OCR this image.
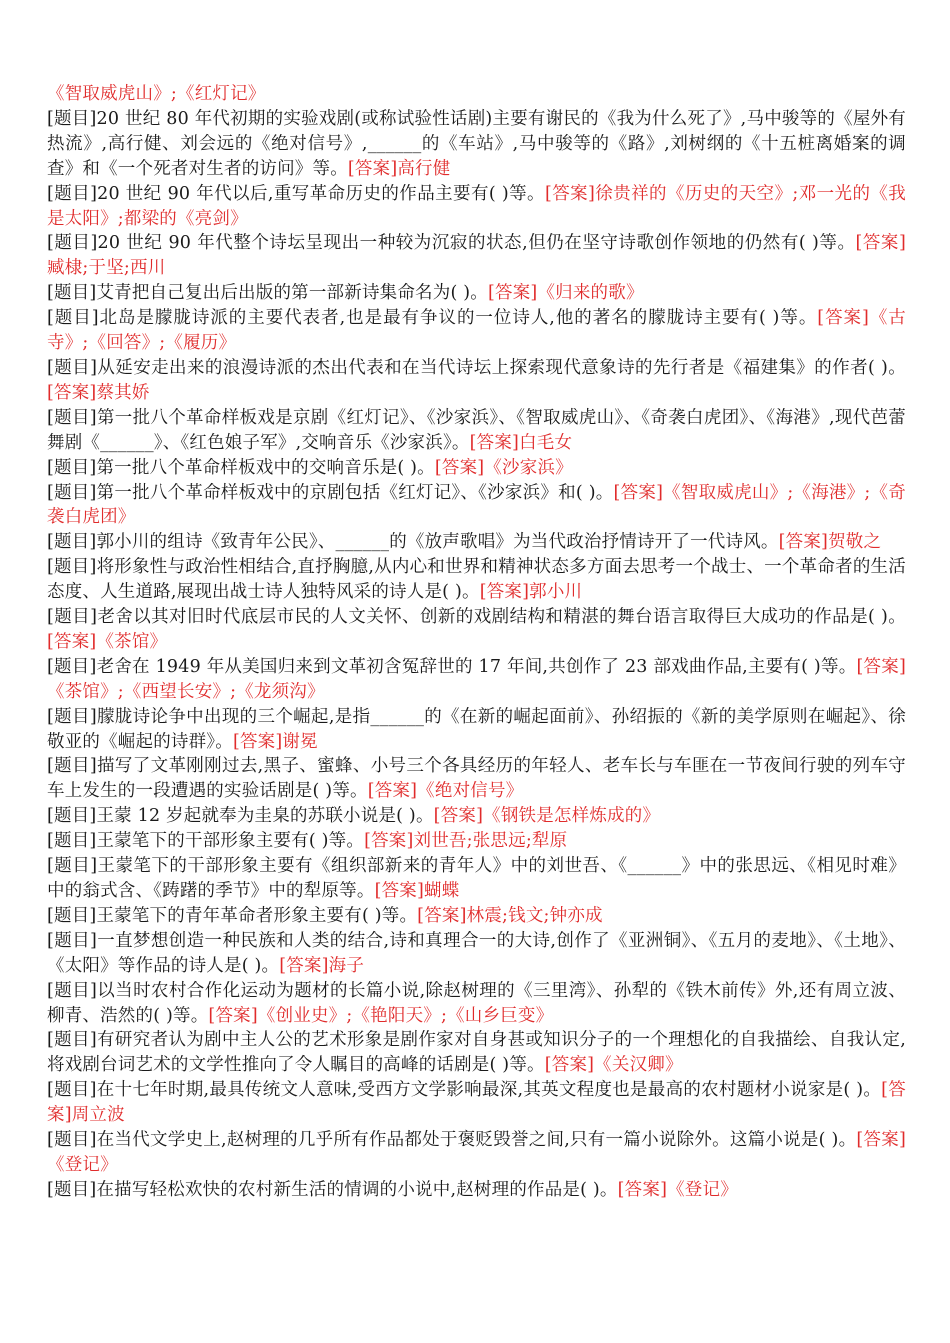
《智取威虎山》;《红灯记》

[题目]20 世纪 80 年代初期的实验戏剧(或称试验性话剧)主要有谢民的《我为什么死了》,马中骏等的《屋外有热流》,高行健、刘会远的《绝对信号》,______的《车站》,马中骏等的《路》,刘树纲的《十五桩离婚案的调查》和《一个死者对生者的访问》等。[答案]高行健

[题目]20 世纪 90 年代以后,重写革命历史的作品主要有( )等。[答案]徐贵祥的《历史的天空》;邓一光的《我是太阳》;都梁的《亮剑》

[题目]20 世纪 90 年代整个诗坛呈现出一种较为沉寂的状态,但仍在坚守诗歌创作领地的仍然有( )等。[答案]臧棣;于坚;西川

[题目]艾青把自己复出后出版的第一部新诗集命名为( )。[答案]《归来的歌》

[题目]北岛是朦胧诗派的主要代表者,也是最有争议的一位诗人,他的著名的朦胧诗主要有( )等。[答案]《古寺》;《回答》;《履历》

[题目]从延安走出来的浪漫诗派的杰出代表和在当代诗坛上探索现代意象诗的先行者是《福建集》的作者( )。[答案]蔡其娇

[题目]第一批八个革命样板戏是京剧《红灯记》、《沙家浜》、《智取威虎山》、《奇袭白虎团》、《海港》,现代芭蕾舞剧《______》、《红色娘子军》,交响音乐《沙家浜》。[答案]白毛女

[题目]第一批八个革命样板戏中的交响音乐是( )。[答案]《沙家浜》

[题目]第一批八个革命样板戏中的京剧包括《红灯记》、《沙家浜》和( )。[答案]《智取威虎山》;《海港》;《奇袭白虎团》

[题目]郭小川的组诗《致青年公民》、______的《放声歌唱》为当代政治抒情诗开了一代诗风。[答案]贺敬之

[题目]将形象性与政治性相结合,直抒胸臆,从内心和世界和精神状态多方面去思考一个战士、一个革命者的生活态度、人生道路,展现出战士诗人独特风采的诗人是( )。[答案]郭小川

[题目]老舍以其对旧时代底层市民的人文关怀、创新的戏剧结构和精湛的舞台语言取得巨大成功的作品是( )。[答案]《茶馆》

[题目]老舍在 1949 年从美国归来到文革初含冤辞世的 17 年间,共创作了 23 部戏曲作品,主要有( )等。[答案]《茶馆》;《西望长安》;《龙须沟》

[题目]朦胧诗论争中出现的三个崛起,是指______的《在新的崛起面前》、孙绍振的《新的美学原则在崛起》、徐敬亚的《崛起的诗群》。[答案]谢冕

[题目]描写了文革刚刚过去,黑子、蜜蜂、小号三个各具经历的年轻人、老车长与车匪在一节夜间行驶的列车守车上发生的一段遭遇的实验话剧是( )等。[答案]《绝对信号》

[题目]王蒙 12 岁起就奉为圭臬的苏联小说是( )。[答案]《钢铁是怎样炼成的》

[题目]王蒙笔下的干部形象主要有( )等。[答案]刘世吾;张思远;犁原

[题目]王蒙笔下的干部形象主要有《组织部新来的青年人》中的刘世吾、《______》中的张思远、《相见时难》中的翁式含、《踌躇的季节》中的犁原等。[答案]蝴蝶

[题目]王蒙笔下的青年革命者形象主要有( )等。[答案]林震;钱文;钟亦成

[题目]一直梦想创造一种民族和人类的结合,诗和真理合一的大诗,创作了《亚洲铜》、《五月的麦地》、《土地》、《太阳》等作品的诗人是( )。[答案]海子

[题目]以当时农村合作化运动为题材的长篇小说,除赵树理的《三里湾》、孙犁的《铁木前传》外,还有周立波、柳青、浩然的( )等。[答案]《创业史》;《艳阳天》;《山乡巨变》

[题目]有研究者认为剧中主人公的艺术形象是剧作家对自身甚或知识分子的一个理想化的自我描绘、自我认定,将戏剧台词艺术的文学性推向了令人瞩目的高峰的话剧是( )等。[答案]《关汉卿》

[题目]在十七年时期,最具传统文人意味,受西方文学影响最深,其英文程度也是最高的农村题材小说家是( )。[答案]周立波

[题目]在当代文学史上,赵树理的几乎所有作品都处于褒贬毁誉之间,只有一篇小说除外。这篇小说是( )。[答案]《登记》

[题目]在描写轻松欢快的农村新生活的情调的小说中,赵树理的作品是( )。[答案]《登记》
